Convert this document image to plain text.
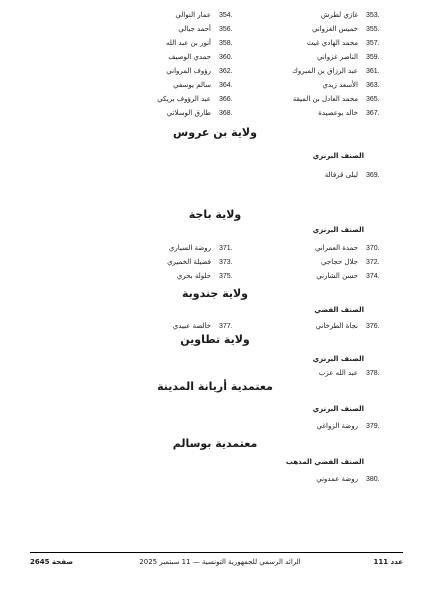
353.
غازي لطرش
355.
خميس الغزواني
357.
محمد الهادي غيث
359.
الناصر غزواني
361.
عبد الرزاق بن المبروك
363.
الأسعد زيدي
365.
محمد العادل بن الميقة
367.
خالد بوعصيدة
354.
عمار النوالي
356.
أحمد جبالي
358.
أنور بن عبد الله
360.
حمدي الوصيف
362.
رؤوف المرواني
364.
سالم يوسفي
366.
عبد الرؤوف بريكي
368.
طارق الوسلاتي
ولاية بن عروس
الصنف البرنزي
369.
ليلى قرقالة
ولاية باجة
الصنف البرنزي
370.
حمدة العمراني
372.
جلال حجاجي
374.
حسن الشارني
371.
روضة السياري
373.
فضيلة الخميري
375.
حلولة بحري
ولاية جندوبة
الصنف الفضي
376.
نجاة الطرخاني
377.
خالصة عبيدي
ولاية تطاوين
الصنف البرنزي
378.
عبد الله عزب
معتمدية أريانة المدينة
الصنف البرنزي
379.
روضة الزواغي
معتمدية بوسالم
الصنف الفضي المذهب
380.
روضة عمدوني
عدد 111
الرائد الرسمي للجمهورية التونسية — 11 سبتمبر 2025
صفحة 2645
